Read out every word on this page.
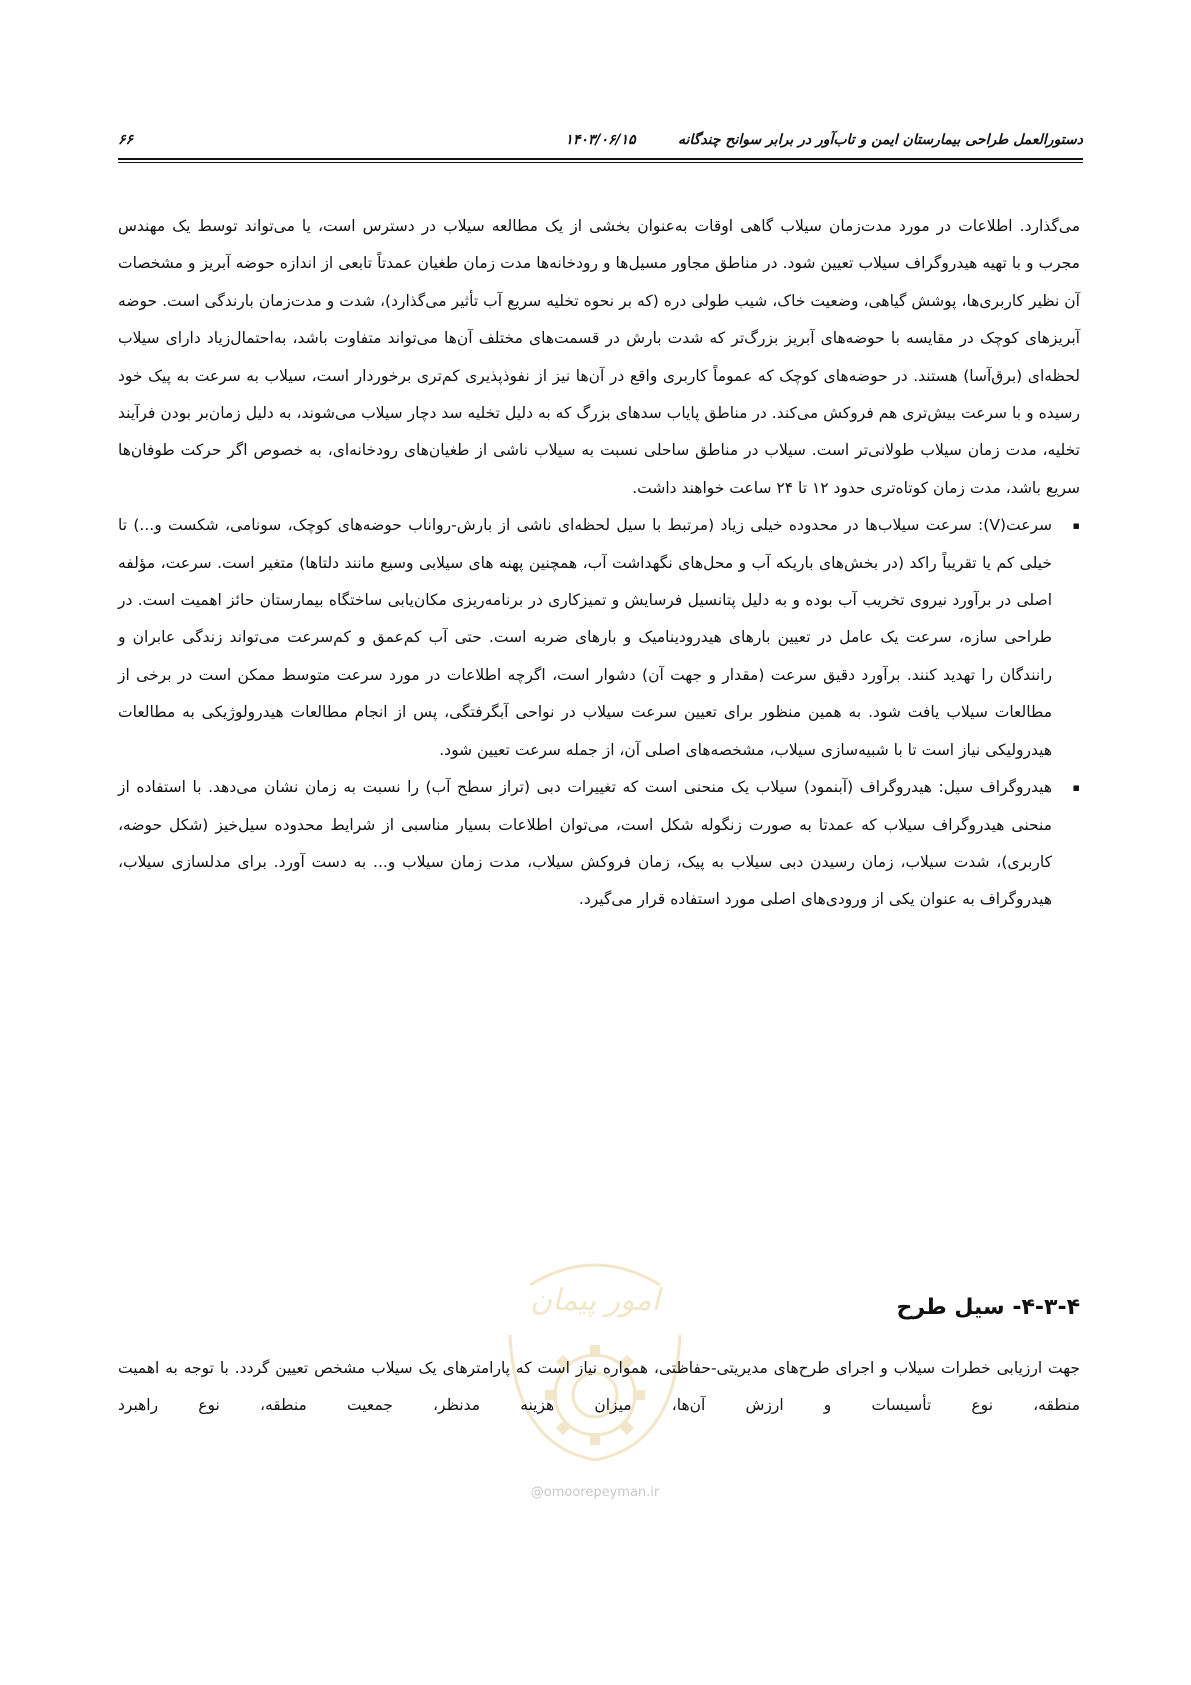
۶۶	۱۴۰۳/۰۶/۱۵	دستورالعمل طراحی بیمارستان ایمن و تاب‌آور در برابر سوانح چندگانه

می‌گذارد. اطلاعات در مورد مدت‌زمان سیلاب گاهی اوقات به‌عنوان بخشی از یک مطالعه سیلاب در دسترس است، یا می‌تواند توسط یک مهندس مجرب و با تهیه هیدروگراف سیلاب تعیین شود. در مناطق مجاور مسیل‌ها و رودخانه‌ها مدت زمان طغیان عمدتاً تابعی از اندازه حوضه آبریز و مشخصات آن نظیر کاربری‌ها، پوشش گیاهی، وضعیت خاک، شیب طولی دره (که بر نحوه تخلیه سریع آب تأثیر می‌گذارد)، شدت و مدت‌زمان بارندگی است. حوضه آبریزهای کوچک در مقایسه با حوضه‌های آبریز بزرگ‌تر که شدت بارش در قسمت‌های مختلف آن‌ها می‌تواند متفاوت باشد، به‌احتمال‌زیاد دارای سیلاب لحظه‌ای (برق‌آسا) هستند. در حوضه‌های کوچک که عموماً کاربری واقع در آن‌ها نیز از نفوذپذیری کم‌تری برخوردار است، سیلاب به سرعت به پیک خود رسیده و با سرعت بیش‌تری هم فروکش می‌کند. در مناطق پایاب سدهای بزرگ که به دلیل تخلیه سد دچار سیلاب می‌شوند، به دلیل زمان‌بر بودن فرآیند تخلیه، مدت زمان سیلاب طولانی‌تر است. سیلاب در مناطق ساحلی نسبت به سیلاب ناشی از طغیان‌های رودخانه‌ای، به خصوص اگر حرکت طوفان‌ها سریع باشد، مدت زمان کوتاه‌تری حدود ۱۲ تا ۲۴ ساعت خواهند داشت.

▪
سرعت(V): سرعت سیلاب‌ها در محدوده خیلی زیاد (مرتبط با سیل لحظه‌ای ناشی از بارش-رواناب حوضه‌های کوچک، سونامی، شکست و...) تا خیلی کم یا تقریباً راکد (در بخش‌های باریکه آب و محل‌های نگهداشت آب، همچنین پهنه های سیلابی وسیع مانند دلتاها) متغیر است. سرعت، مؤلفه اصلی در برآورد نیروی تخریب آب بوده و به دلیل پتانسیل فرسایش و تمیزکاری در برنامه‌ریزی مکان‌یابی ساختگاه بیمارستان حائز اهمیت است. در طراحی سازه، سرعت یک عامل در تعیین بارهای هیدرودینامیک و بارهای ضربه است. حتی آب کم‌عمق و کم‌سرعت می‌تواند زندگی عابران و رانندگان را تهدید کنند. برآورد دقیق سرعت (مقدار و جهت آن) دشوار است، اگرچه اطلاعات در مورد سرعت متوسط ممکن است در برخی از مطالعات سیلاب یافت شود. به همین منظور برای تعیین سرعت سیلاب در نواحی آبگرفتگی، پس از انجام مطالعات هیدرولوژیکی به مطالعات هیدرولیکی نیاز است تا با شبیه‌سازی سیلاب، مشخصه‌های اصلی آن، از جمله سرعت تعیین شود.
▪
هیدروگراف سیل: هیدروگراف (آبنمود) سیلاب یک منحنی است که تغییرات دبی (تراز سطح آب) را نسبت به زمان نشان می‌دهد. با استفاده از منحنی هیدروگراف سیلاب که عمدتا به صورت زنگوله شکل است، می‌توان اطلاعات بسیار مناسبی از شرایط محدوده سیل‌خیز (شکل حوضه، کاربری)، شدت سیلاب، زمان رسیدن دبی سیلاب به پیک، زمان فروکش سیلاب، مدت زمان سیلاب و... به دست آورد. برای مدلسازی سیلاب، هیدروگراف به عنوان یکی از ورودی‌های اصلی مورد استفاده قرار می‌گیرد.
امور پیمان
@omoorepeyman.ir
۴-۳-۴- سیل طرح

جهت ارزیابی خطرات سیلاب و اجرای طرح‌های مدیریتی-حفاظتی، همواره نیاز است که پارامترهای یک سیلاب مشخص تعیین گردد. با توجه به اهمیت منطقه، نوع تأسیسات و ارزش آن‌ها، میزان هزینه مدنظر، جمعیت منطقه، نوع راهبرد
